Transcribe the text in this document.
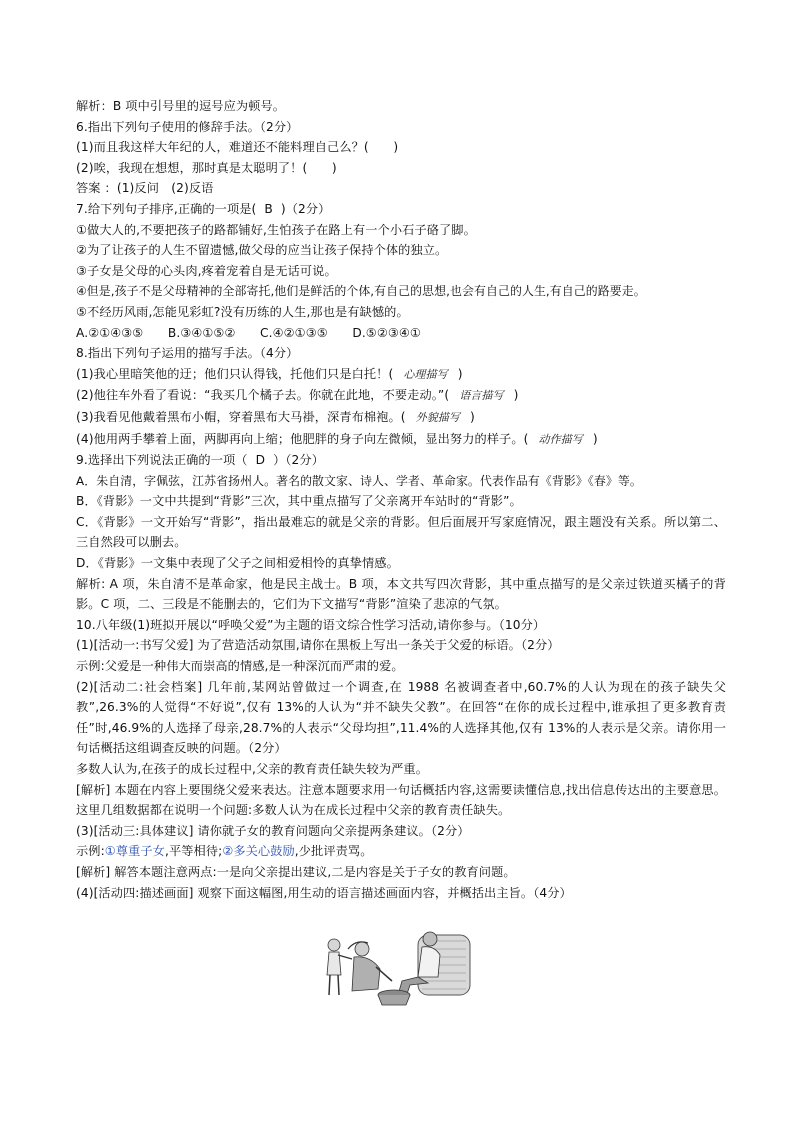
解析：B 项中引号里的逗号应为顿号。
6.指出下列句子使用的修辞手法。（2分）
(1)而且我这样大年纪的人，难道还不能料理自己么？(　　)
(2)唉，我现在想想，那时真是太聪明了！(　　)
答案 ：(1)反问　(2)反语
7.给下列句子排序,正确的一项是( B )（2分）
①做大人的,不要把孩子的路都铺好,生怕孩子在路上有一个小石子硌了脚。
②为了让孩子的人生不留遗憾,做父母的应当让孩子保持个体的独立。
③子女是父母的心头肉,疼着宠着自是无话可说。
④但是,孩子不是父母精神的全部寄托,他们是鲜活的个体,有自己的思想,也会有自己的人生,有自己的路要走。
⑤不经历风雨,怎能见彩虹?没有历练的人生,那也是有缺憾的。
A.②①④③⑤　　B.③④①⑤②　　C.④②①③⑤　　D.⑤②③④①
8.指出下列句子运用的描写手法。（4分）
(1)我心里暗笑他的迂；他们只认得钱，托他们只是白托！( 心理描写 )
(2)他往车外看了看说：“我买几个橘子去。你就在此地，不要走动。”( 语言描写 )
(3)我看见他戴着黑布小帽，穿着黑布大马褂，深青布棉袍。( 外貌描写 )
(4)他用两手攀着上面，两脚再向上缩；他肥胖的身子向左微倾，显出努力的样子。( 动作描写 )
9.选择出下列说法正确的一项（ D ）（2分）
A．朱自清，字佩弦，江苏省扬州人。著名的散文家、诗人、学者、革命家。代表作品有《背影》《春》等。
B．《背影》一文中共提到“背影”三次，其中重点描写了父亲离开车站时的“背影”。
C．《背影》一文开始写“背影”，指出最难忘的就是父亲的背影。但后面展开写家庭情况，跟主题没有关系。所以第二、三自然段可以删去。
D．《背影》一文集中表现了父子之间相爱相怜的真挚情感。
解析: A 项，朱自清不是革命家，他是民主战士。B 项，本文共写四次背影，其中重点描写的是父亲过铁道买橘子的背影。C 项，二、三段是不能删去的，它们为下文描写“背影”渲染了悲凉的气氛。
10.八年级(1)班拟开展以“呼唤父爱”为主题的语文综合性学习活动,请你参与。（10分）
(1)[活动一:书写父爱] 为了营造活动氛围,请你在黑板上写出一条关于父爱的标语。（2分）
示例:父爱是一种伟大而崇高的情感,是一种深沉而严肃的爱。
(2)[活动二:社会档案] 几年前,某网站曾做过一个调查,在 1988 名被调查者中,60.7%的人认为现在的孩子缺失父教”,26.3%的人觉得“不好说”,仅有 13%的人认为“并不缺失父教”。在回答“在你的成长过程中,谁承担了更多教育责任”时,46.9%的人选择了母亲,28.7%的人表示“父母均担”,11.4%的人选择其他,仅有 13%的人表示是父亲。请你用一句话概括这组调查反映的问题。（2分）
多数人认为,在孩子的成长过程中,父亲的教育责任缺失较为严重。
[解析] 本题在内容上要围绕父爱来表达。注意本题要求用一句话概括内容,这需要读懂信息,找出信息传达出的主要意思。这里几组数据都在说明一个问题:多数人认为在成长过程中父亲的教育责任缺失。
(3)[活动三:具体建议] 请你就子女的教育问题向父亲提两条建议。（2分）
示例:①尊重子女,平等相待;②多关心鼓励,少批评责骂。
[解析] 解答本题注意两点:一是向父亲提出建议,二是内容是关于子女的教育问题。
(4)[活动四:描述画面] 观察下面这幅图,用生动的语言描述画面内容，并概括出主旨。（4分）
